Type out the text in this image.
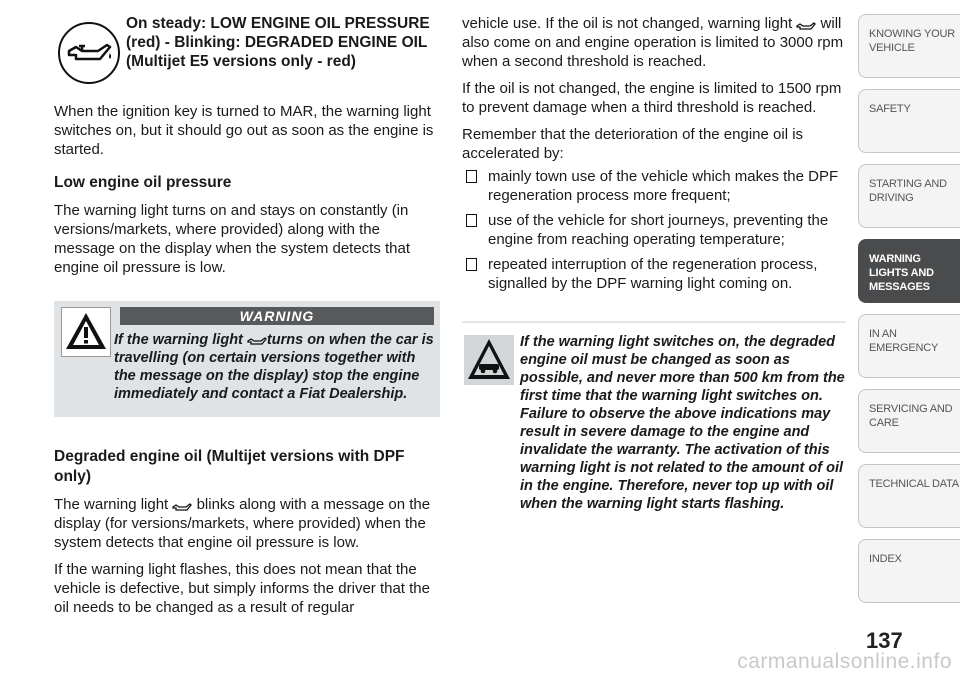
On steady: LOW ENGINE OIL PRESSURE (red) - Blinking: DEGRADED ENGINE OIL (Multijet E5 versions only - red)

When the ignition key is turned to MAR, the warning light switches on, but it should go out as soon as the engine is started.

Low engine oil pressure

The warning light turns on and stays on constantly (in versions/markets, where provided) along with the message on the display when the system detects that engine oil pressure is low.

WARNING
If the warning light turns on when the car is travelling (on certain versions together with the message on the display) stop the engine immediately and contact a Fiat Dealership.
Degraded engine oil (Multijet versions with DPF only)

The warning light blinks along with a message on the display (for versions/markets, where provided) when the system detects that engine oil pressure is low.

If the warning light flashes, this does not mean that the vehicle is defective, but simply informs the driver that the oil needs to be changed as a result of regular

vehicle use. If the oil is not changed, warning light will also come on and engine operation is limited to 3000 rpm when a second threshold is reached.

If the oil is not changed, the engine is limited to 1500 rpm to prevent damage when a third threshold is reached.

Remember that the deterioration of the engine oil is accelerated by:

mainly town use of the vehicle which makes the DPF regeneration process more frequent;
use of the vehicle for short journeys, preventing the engine from reaching operating temperature;
repeated interruption of the regeneration process, signalled by the DPF warning light coming on.
If the warning light switches on, the degraded engine oil must be changed as soon as possible, and never more than 500 km from the first time that the warning light switches on. Failure to observe the above indications may result in severe damage to the engine and invalidate the warranty. The activation of this warning light is not related to the amount of oil in the engine. Therefore, never top up with oil when the warning light starts flashing.
KNOWING YOUR VEHICLE
SAFETY
STARTING AND DRIVING
WARNING LIGHTS AND MESSAGES
IN AN EMERGENCY
SERVICING AND CARE
TECHNICAL DATA
INDEX
137
carmanualsonline.info
